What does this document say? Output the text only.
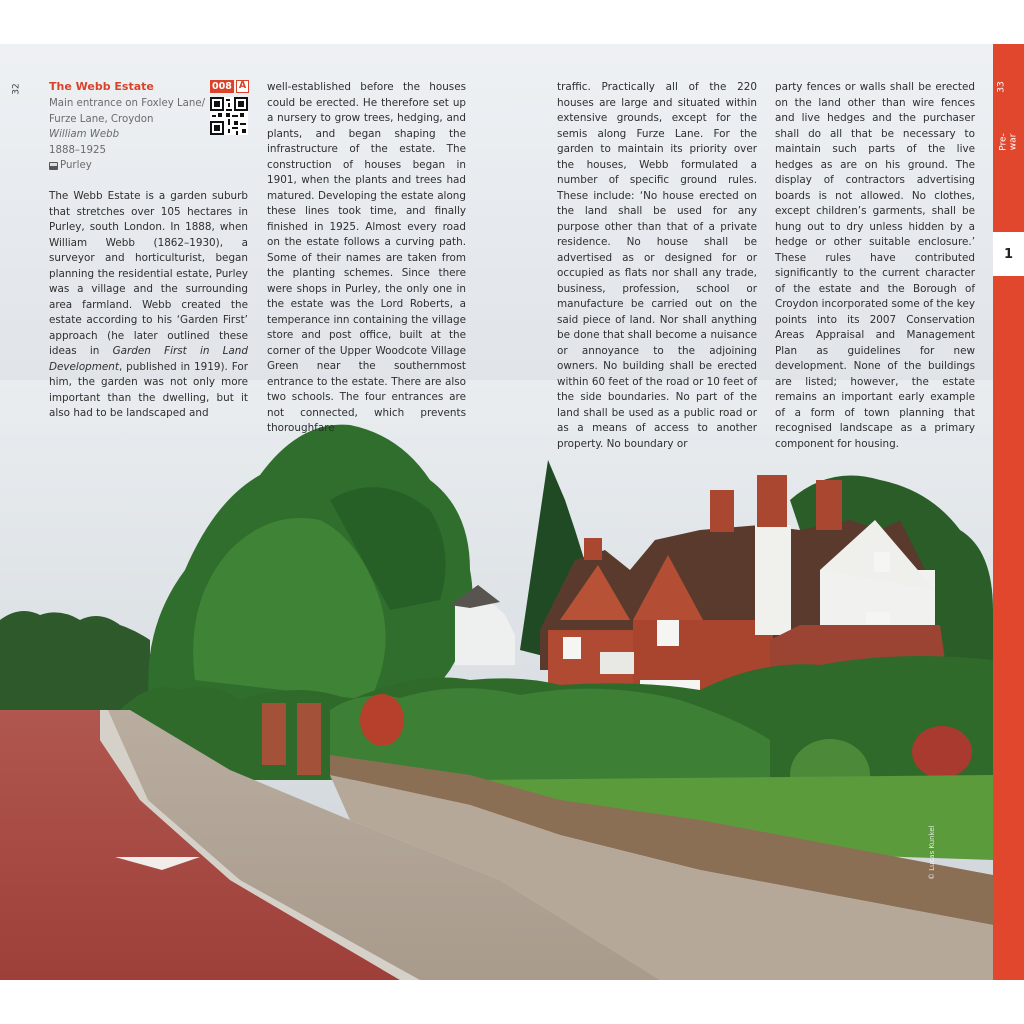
32 The Webb Estate	008 A
Main entrance on Foxley Lane/
Furze Lane, Croydon
William Webb
1888–1925
Purley

The Webb Estate is a garden suburb that stretches over 105 hectares in Purley, south London. In 1888, when William Webb (1862–1930), a surveyor and horticulturist, began planning the residential estate, Purley was a village and the surrounding area farmland. Webb created the estate according to his ‘Garden First’ approach (he later outlined these ideas in Garden First in Land Development, published in 1919). For him, the garden was not only more important than the dwelling, but it also had to be landscaped and

well-established before the houses could be erected. He therefore set up a nursery to grow trees, hedging, and plants, and began shaping the infrastructure of the estate. The construction of houses began in 1901, when the plants and trees had matured. Developing the estate along these lines took time, and finally finished in 1925. Almost every road on the estate follows a curving path. Some of their names are taken from the planting schemes. Since there were shops in Purley, the only one in the estate was the Lord Roberts, a temperance inn containing the village store and post office, built at the corner of the Upper Woodcote Village Green near the southernmost entrance to the estate. There are also two schools. The four entrances are not connected, which prevents thoroughfare

traffic. Practically all of the 220 houses are large and situated within extensive grounds, except for the semis along Furze Lane. For the garden to maintain its priority over the houses, Webb formulated a number of specific ground rules. These include: ‘No house erected on the land shall be used for any purpose other than that of a private residence. No house shall be advertised as or designed for or occupied as flats nor shall any trade, business, profession, school or manufacture be carried out on the said piece of land. Nor shall anything be done that shall become a nuisance or annoyance to the adjoining owners. No building shall be erected within 60 feet of the road or 10 feet of the side boundaries. No part of the land shall be used as a public road or as a means of access to another property. No boundary or

party fences or walls shall be erected on the land other than wire fences and live hedges and the purchaser shall do all that be necessary to maintain such parts of the live hedges as are on his ground. The display of contractors advertising boards is not allowed. No clothes, except children’s garments, shall be hung out to dry unless hidden by a hedge or other suitable enclosure.’ These rules have contributed significantly to the current character of the estate and the Borough of Croydon incorporated some of the key points into its 2007 Conservation Areas Appraisal and Management Plan as guidelines for new development. None of the buildings are listed; however, the estate remains an important early example of a form of town planning that recognised landscape as a primary component for housing.

33
Pre-war
1
© Lucas Kunkel
